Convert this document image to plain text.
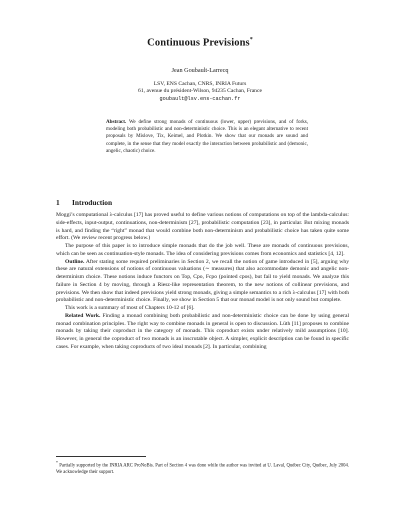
Continuous Previsions*
Jean Goubault-Larrecq
LSV, ENS Cachan, CNRS, INRIA Futurs
61, avenue du président-Wilson, 94235 Cachan, France
goubault@lsv.ens-cachan.fr
Abstract. We define strong monads of continuous (lower, upper) previsions, and of forks, modeling both probabilistic and non-deterministic choice. This is an elegant alternative to recent proposals by Mislove, Tix, Keimel, and Plotkin. We show that our monads are sound and complete, in the sense that they model exactly the interaction between probabilistic and (demonic, angelic, chaotic) choice.
1 Introduction

Moggi’s computational λ-calculus [17] has proved useful to define various notions of computations on top of the lambda-calculus: side-effects, input-output, continuations, non-determinism [27], probabilistic computation [23], in particular. But mixing monads is hard, and finding the “right” monad that would combine both non-determinism and probabilistic choice has taken quite some effort. (We review recent progress below.)

The purpose of this paper is to introduce simple monads that do the job well. These are monads of continuous previsions, which can be seen as continuation-style monads. The idea of considering previsions comes from economics and statistics [4, 12].

Outline. After stating some required preliminaries in Section 2, we recall the notion of game introduced in [5], arguing why these are natural extensions of notions of continuous valuations (∼ measures) that also accommodate demonic and angelic non-determinism choice. These notions induce functors on Top, Cpo, Fcpo (pointed cpos), but fail to yield monads. We analyze this failure in Section 4 by moving, through a Riesz-like representation theorem, to the new notions of collinear previsions, and previsions. We then show that indeed previsions yield strong monads, giving a simple semantics to a rich λ-calculus [17] with both probabilistic and non-deterministic choice. Finally, we show in Section 5 that our monad model is not only sound but complete.

This work is a summary of most of Chapters 10-12 of [6].

Related Work. Finding a monad combining both probabilistic and non-deterministic choice can be done by using general monad combination principles. The right way to combine monads in general is open to discussion. Lüth [11] proposes to combine monads by taking their coproduct in the category of monads. This coproduct exists under relatively mild assumptions [10]. However, in general the coproduct of two monads is an inscrutable object. A simpler, explicit description can be found in specific cases. For example, when taking coproducts of two ideal monads [2]. In particular, combining

* Partially supported by the INRIA ARC ProNoBis. Part of Section 4 was done while the author was invited at U. Laval, Québec City, Québec, July 2004. We acknowledge their support.
